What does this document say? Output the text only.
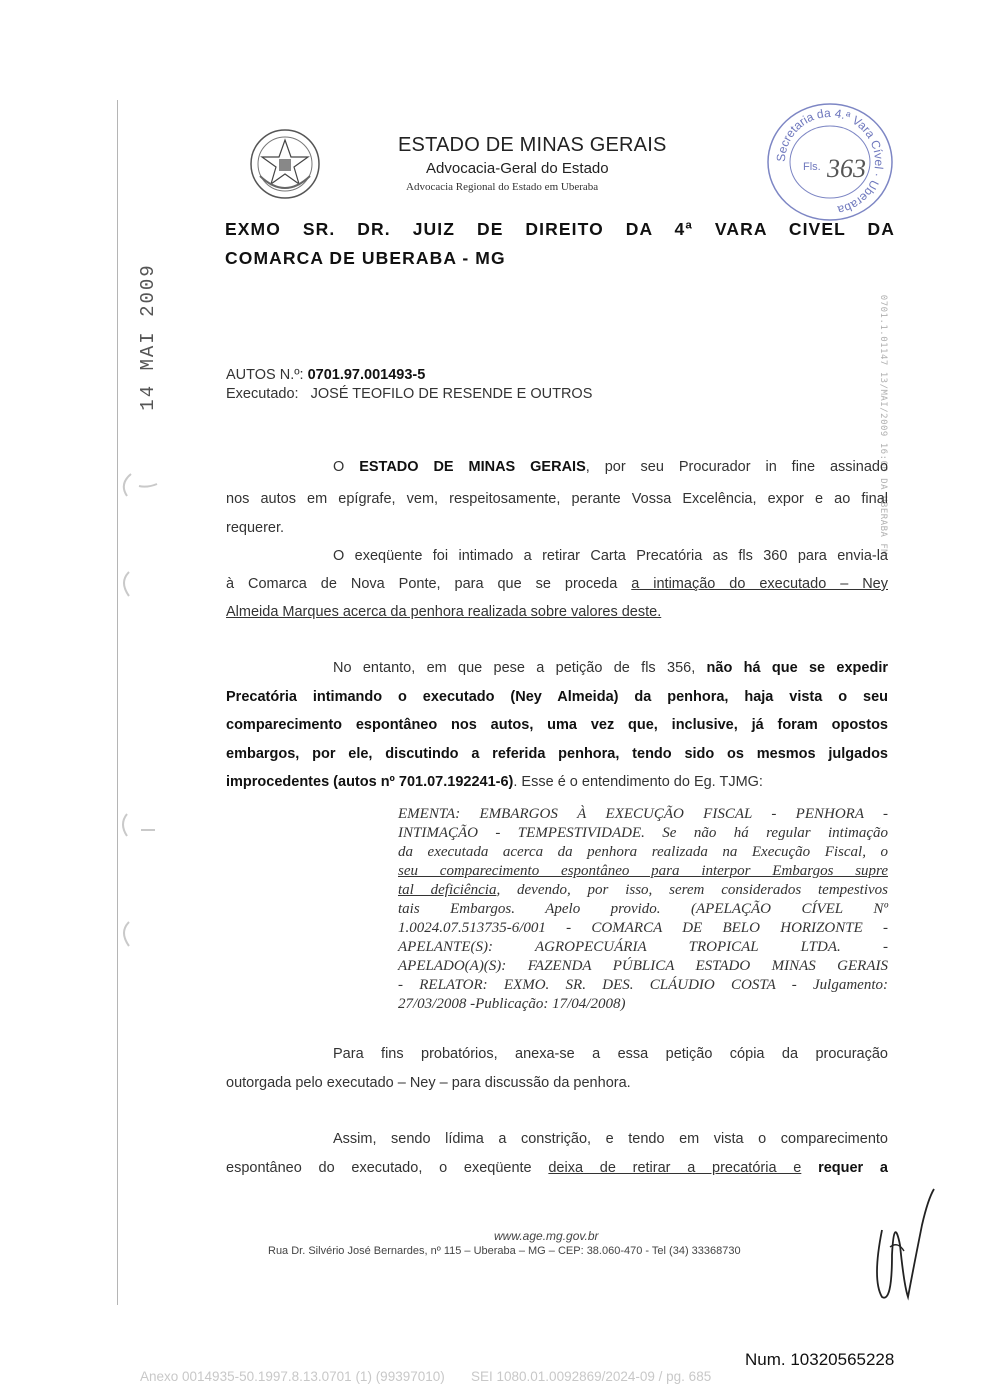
ESTADO DE MINAS GERAIS
Advocacia-Geral do Estado
Advocacia Regional do Estado em Uberaba
Secretaria da 4.ª Vara Cível · Uberaba
Fls. 363
EXMO SR. DR. JUIZ DE DIREITO DA 4ª VARA CIVEL DA
COMARCA DE UBERABA - MG
14 MAI 2009	0701.1.01147 13/MAI/2009 16:00 DA UBERABA FM
AUTOS N.º: 0701.97.001493-5
Executado: JOSÉ TEOFILO DE RESENDE E OUTROS
O ESTADO DE MINAS GERAIS, por seu Procurador in fine assinado
nos autos em epígrafe, vem, respeitosamente, perante Vossa Excelência, expor e ao final
requerer.
O exeqüente foi intimado a retirar Carta Precatória as fls 360 para envia-la
à Comarca de Nova Ponte, para que se proceda a intimação do executado – Ney
Almeida Marques acerca da penhora realizada sobre valores deste.
No entanto, em que pese a petição de fls 356, não há que se expedir
Precatória intimando o executado (Ney Almeida) da penhora, haja vista o seu
comparecimento espontâneo nos autos, uma vez que, inclusive, já foram opostos
embargos, por ele, discutindo a referida penhora, tendo sido os mesmos julgados
improcedentes (autos nº 701.07.192241-6). Esse é o entendimento do Eg. TJMG:
EMENTA: EMBARGOS À EXECUÇÃO FISCAL - PENHORA -
INTIMAÇÃO - TEMPESTIVIDADE. Se não há regular intimação
da executada acerca da penhora realizada na Execução Fiscal, o
seu comparecimento espontâneo para interpor Embargos supre
tal deficiência, devendo, por isso, serem considerados tempestivos
tais Embargos. Apelo provido. (APELAÇÃO CÍVEL Nº
1.0024.07.513735-6/001 - COMARCA DE BELO HORIZONTE -
APELANTE(S): AGROPECUÁRIA TROPICAL LTDA. -
APELADO(A)(S): FAZENDA PÚBLICA ESTADO MINAS GERAIS
- RELATOR: EXMO. SR. DES. CLÁUDIO COSTA - Julgamento:
27/03/2008 -Publicação: 17/04/2008)
Para fins probatórios, anexa-se a essa petição cópia da procuração
outorgada pelo executado – Ney – para discussão da penhora.
Assim, sendo lídima a constrição, e tendo em vista o comparecimento
espontâneo do executado, o exeqüente deixa de retirar a precatória e requer a
www.age.mg.gov.br
Rua Dr. Silvério José Bernardes, nº 115 – Uberaba – MG – CEP: 38.060-470 - Tel (34) 33368730
Num. 10320565228
Anexo 0014935-50.1997.8.13.0701 (1) (99397010)       SEI 1080.01.0092869/2024-09 / pg. 685
